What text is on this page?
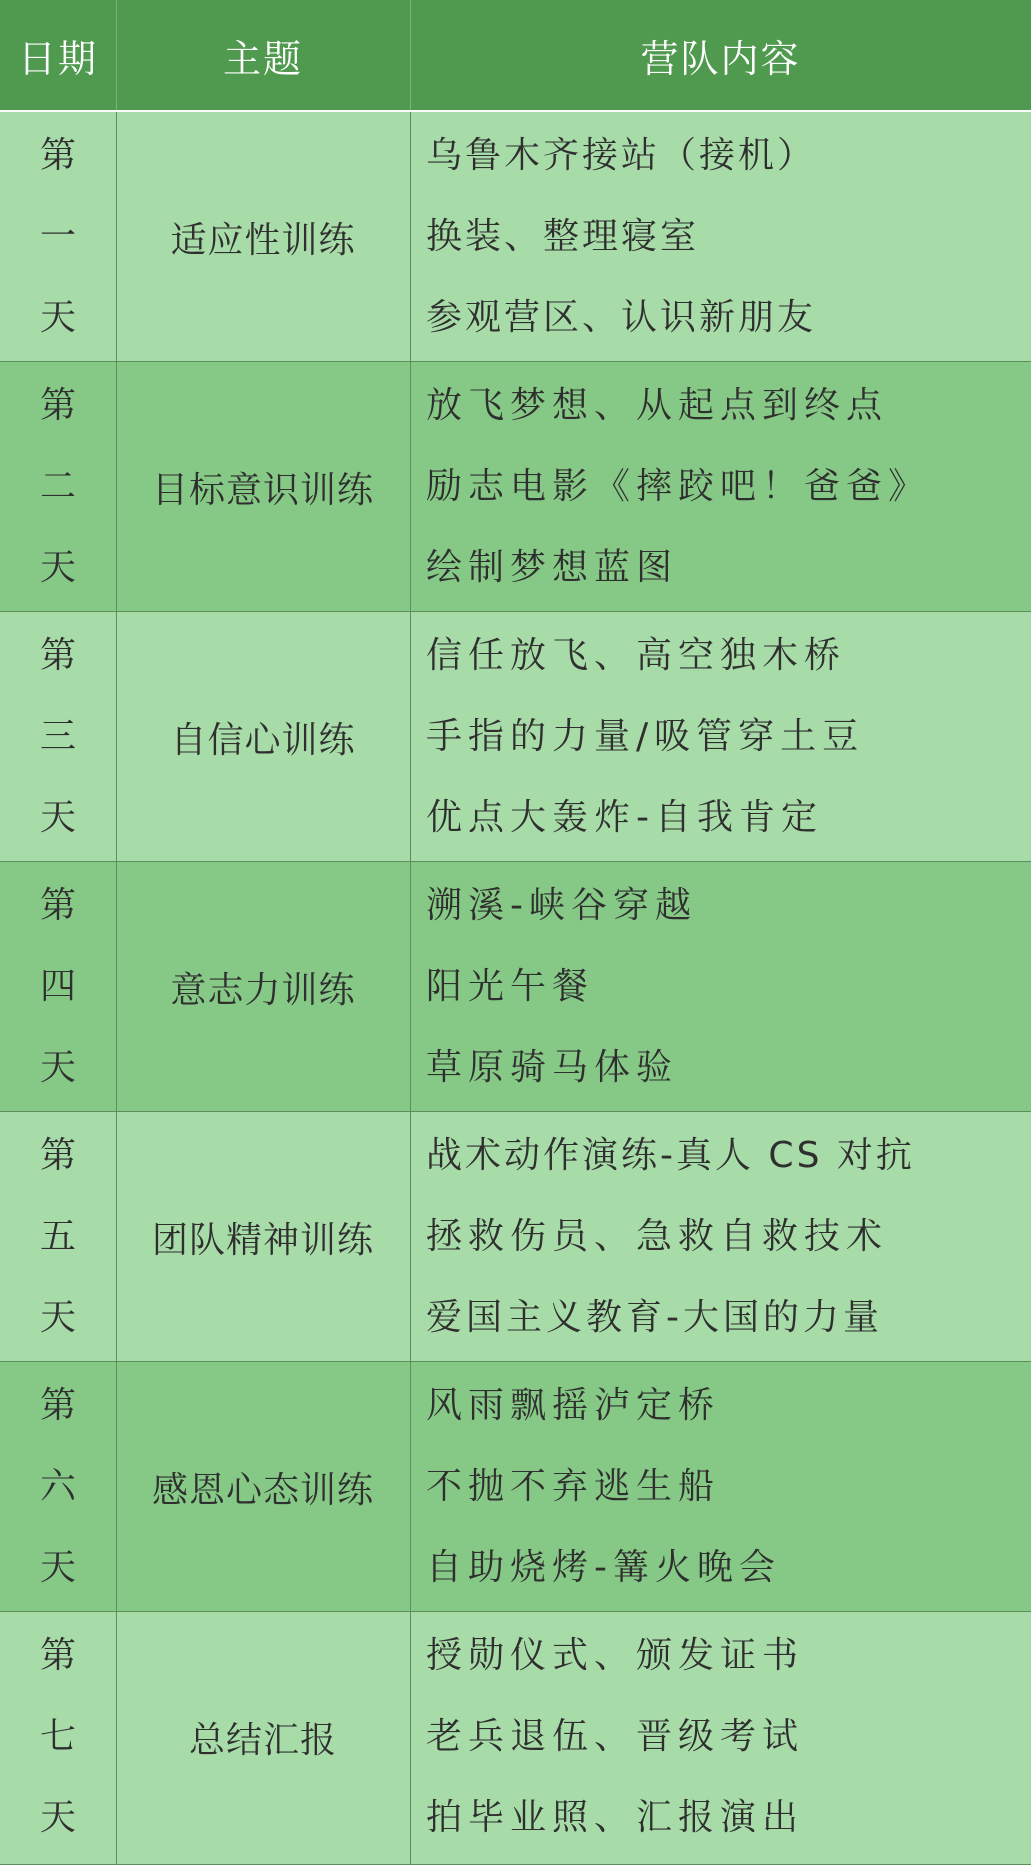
日期	主题	营队内容
第
一
天
适应性训练
乌鲁木齐接站（接机）
换装、整理寝室
参观营区、认识新朋友
第
二
天
目标意识训练
放飞梦想、从起点到终点
励志电影《摔跤吧！爸爸》
绘制梦想蓝图
第
三
天
自信心训练
信任放飞、高空独木桥
手指的力量/吸管穿土豆
优点大轰炸-自我肯定
第
四
天
意志力训练
溯溪-峡谷穿越
阳光午餐
草原骑马体验
第
五
天
团队精神训练
战术动作演练-真人 CS 对抗
拯救伤员、急救自救技术
爱国主义教育-大国的力量
第
六
天
感恩心态训练
风雨飘摇泸定桥
不抛不弃逃生船
自助烧烤-篝火晚会
第
七
天
总结汇报
授勋仪式、颁发证书
老兵退伍、晋级考试
拍毕业照、汇报演出
